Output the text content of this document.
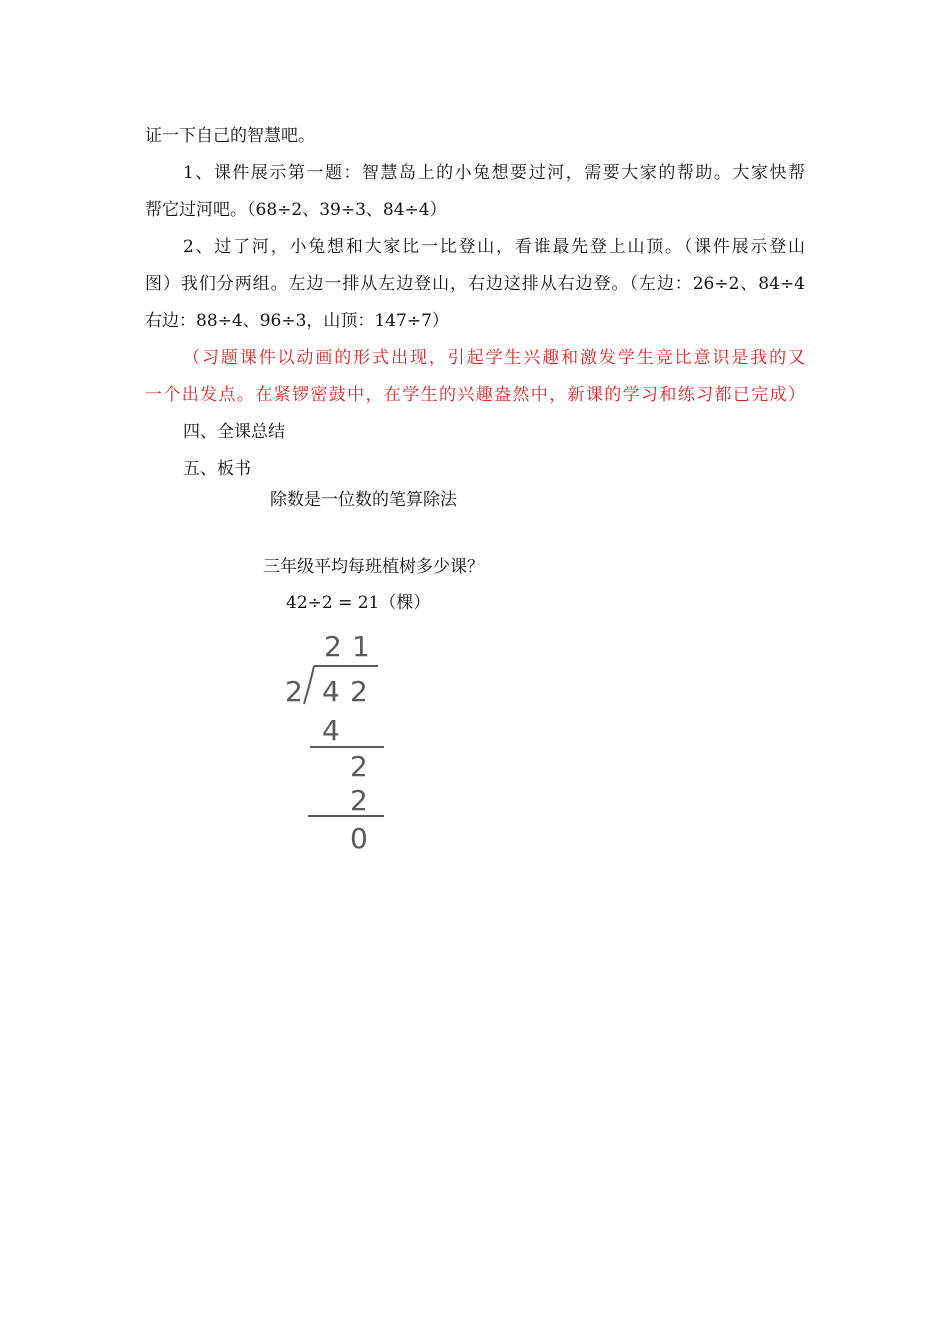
证一下自己的智慧吧。
1、课件展示第一题：智慧岛上的小兔想要过河，需要大家的帮助。大家快帮
帮它过河吧。（68÷2、39÷3、84÷4）
2、过了河，小兔想和大家比一比登山，看谁最先登上山顶。（课件展示登山
图）我们分两组。左边一排从左边登山，右边这排从右边登。（左边：26÷2、84÷4
右边：88÷4、96÷3，山顶：147÷7）
（习题课件以动画的形式出现，引起学生兴趣和激发学生竞比意识是我的又
一个出发点。在紧锣密鼓中，在学生的兴趣盎然中，新课的学习和练习都已完成）
四、全课总结
五、板书
除数是一位数的笔算除法
三年级平均每班植树多少课？
42÷2 = 21（棵）
2 1
2 4 2
4
2
2
0
